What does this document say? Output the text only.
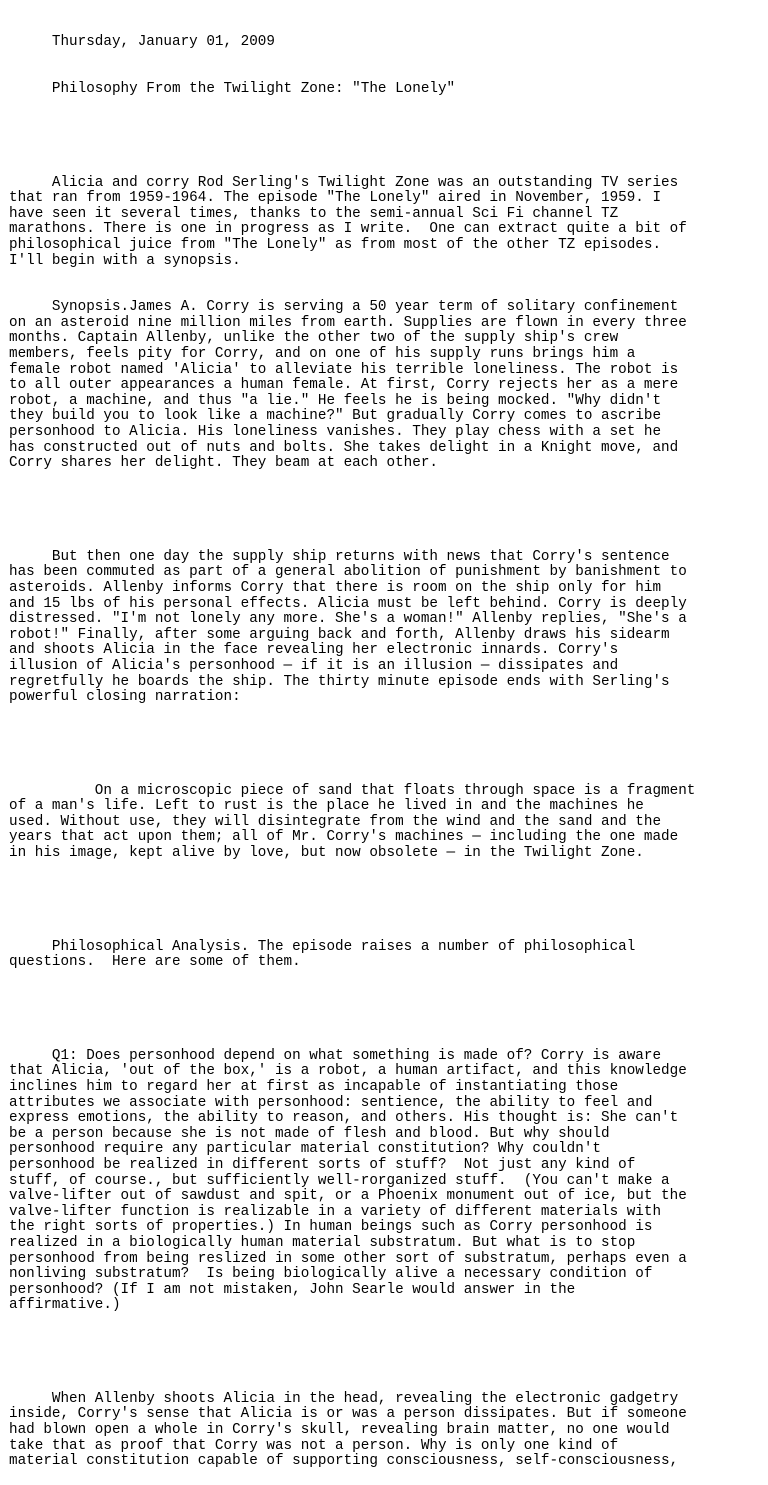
Thursday, January 01, 2009

Philosophy From the Twilight Zone: "The Lonely"

Alicia and corry Rod Serling's Twilight Zone was an outstanding TV series
that ran from 1959-1964. The episode "The Lonely" aired in November, 1959. I
have seen it several times, thanks to the semi-annual Sci Fi channel TZ
marathons. There is one in progress as I write.  One can extract quite a bit of
philosophical juice from "The Lonely" as from most of the other TZ episodes.
I'll begin with a synopsis.

Synopsis.James A. Corry is serving a 50 year term of solitary confinement
on an asteroid nine million miles from earth. Supplies are flown in every three
months. Captain Allenby, unlike the other two of the supply ship's crew
members, feels pity for Corry, and on one of his supply runs brings him a
female robot named 'Alicia' to alleviate his terrible loneliness. The robot is
to all outer appearances a human female. At first, Corry rejects her as a mere
robot, a machine, and thus "a lie." He feels he is being mocked. "Why didn't
they build you to look like a machine?" But gradually Corry comes to ascribe
personhood to Alicia. His loneliness vanishes. They play chess with a set he
has constructed out of nuts and bolts. She takes delight in a Knight move, and
Corry shares her delight. They beam at each other.

But then one day the supply ship returns with news that Corry's sentence
has been commuted as part of a general abolition of punishment by banishment to
asteroids. Allenby informs Corry that there is room on the ship only for him
and 15 lbs of his personal effects. Alicia must be left behind. Corry is deeply
distressed. "I'm not lonely any more. She's a woman!" Allenby replies, "She's a
robot!" Finally, after some arguing back and forth, Allenby draws his sidearm
and shoots Alicia in the face revealing her electronic innards. Corry's
illusion of Alicia's personhood — if it is an illusion — dissipates and
regretfully he boards the ship. The thirty minute episode ends with Serling's
powerful closing narration:

On a microscopic piece of sand that floats through space is a fragment
of a man's life. Left to rust is the place he lived in and the machines he
used. Without use, they will disintegrate from the wind and the sand and the
years that act upon them; all of Mr. Corry's machines — including the one made
in his image, kept alive by love, but now obsolete — in the Twilight Zone.

Philosophical Analysis. The episode raises a number of philosophical
questions.  Here are some of them.

Q1: Does personhood depend on what something is made of? Corry is aware
that Alicia, 'out of the box,' is a robot, a human artifact, and this knowledge
inclines him to regard her at first as incapable of instantiating those
attributes we associate with personhood: sentience, the ability to feel and
express emotions, the ability to reason, and others. His thought is: She can't
be a person because she is not made of flesh and blood. But why should
personhood require any particular material constitution? Why couldn't
personhood be realized in different sorts of stuff?  Not just any kind of
stuff, of course., but sufficiently well-rorganized stuff.  (You can't make a
valve-lifter out of sawdust and spit, or a Phoenix monument out of ice, but the
valve-lifter function is realizable in a variety of different materials with
the right sorts of properties.) In human beings such as Corry personhood is
realized in a biologically human material substratum. But what is to stop
personhood from being reslized in some other sort of substratum, perhaps even a
nonliving substratum?  Is being biologically alive a necessary condition of
personhood? (If I am not mistaken, John Searle would answer in the
affirmative.)

When Allenby shoots Alicia in the head, revealing the electronic gadgetry
inside, Corry's sense that Alicia is or was a person dissipates. But if someone
had blown open a whole in Corry's skull, revealing brain matter, no one would
take that as proof that Corry was not a person. Why is only one kind of
material constitution capable of supporting consciousness, self-consciousness,
